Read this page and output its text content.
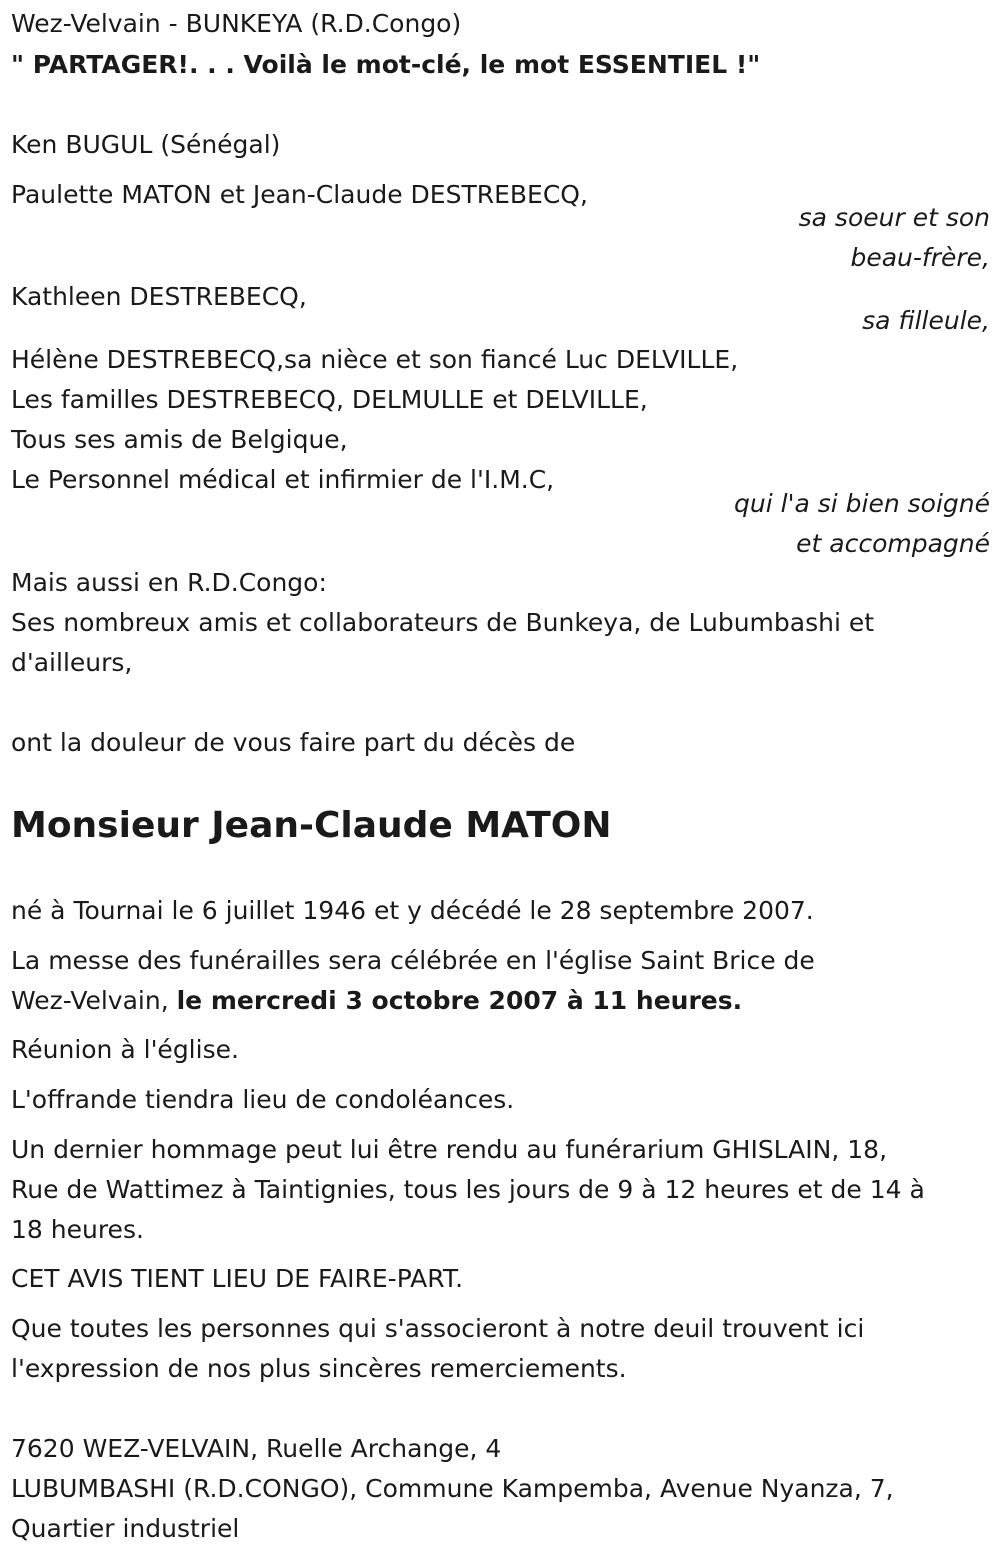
Wez-Velvain - BUNKEYA (R.D.Congo)

" PARTAGER!. . . Voilà le mot-clé, le mot ESSENTIEL !"

Ken BUGUL (Sénégal)

Paulette MATON et Jean-Claude DESTREBECQ,

sa soeur et son

beau-frère,

Kathleen DESTREBECQ,

sa filleule,

Hélène DESTREBECQ,sa nièce et son fiancé Luc DELVILLE,

Les familles DESTREBECQ, DELMULLE et DELVILLE,

Tous ses amis de Belgique,

Le Personnel médical et infirmier de l'I.M.C,

qui l'a si bien soigné

et accompagné

Mais aussi en R.D.Congo:

Ses nombreux amis et collaborateurs de Bunkeya, de Lubumbashi et

d'ailleurs,

ont la douleur de vous faire part du décès de

Monsieur Jean-Claude MATON

né à Tournai le 6 juillet 1946 et y décédé le 28 septembre 2007.

La messe des funérailles sera célébrée en l'église Saint Brice de

Wez-Velvain, le mercredi 3 octobre 2007 à 11 heures.

Réunion à l'église.

L'offrande tiendra lieu de condoléances.

Un dernier hommage peut lui être rendu au funérarium GHISLAIN, 18,

Rue de Wattimez à Taintignies, tous les jours de 9 à 12 heures et de 14 à

18 heures.

CET AVIS TIENT LIEU DE FAIRE-PART.

Que toutes les personnes qui s'associeront à notre deuil trouvent ici

l'expression de nos plus sincères remerciements.

7620 WEZ-VELVAIN, Ruelle Archange, 4

LUBUMBASHI (R.D.CONGO), Commune Kampemba, Avenue Nyanza, 7,

Quartier industriel
